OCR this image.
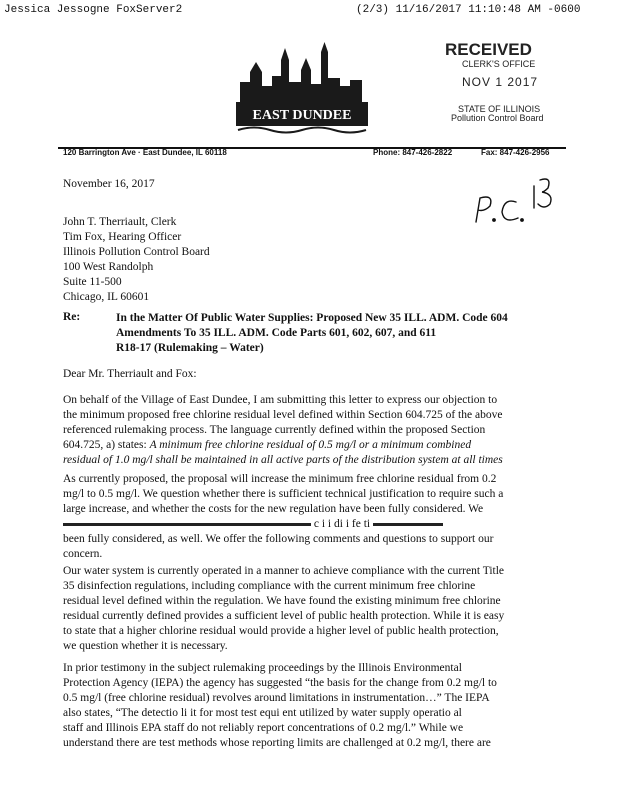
Jessica Jessogne FoxServer2	(2/3) 11/16/2017 11:10:48 AM -0600
RECEIVED
CLERK'S OFFICE
NOV 1 2017
STATE OF ILLINOIS
Pollution Control Board
EAST DUNDEE
120 Barrington Ave · East Dundee, IL 60118	Phone: 847-426-2822	Fax: 847-426-2956
November 16, 2017
John T. Therriault, Clerk
Tim Fox, Hearing Officer
Illinois Pollution Control Board
100 West Randolph
Suite 11-500
Chicago, IL 60601
Re:	In the Matter Of Public Water Supplies: Proposed New 35 ILL. ADM. Code 604
Amendments To 35 ILL. ADM. Code Parts 601, 602, 607, and 611
R18-17 (Rulemaking – Water)
Dear Mr. Therriault and Fox:
On behalf of the Village of East Dundee, I am submitting this letter to express our objection to
the minimum proposed free chlorine residual level defined within Section 604.725 of the above
referenced rulemaking process. The language currently defined within the proposed Section
604.725, a) states: A minimum free chlorine residual of 0.5 mg/l or a minimum combined
residual of 1.0 mg/l shall be maintained in all active parts of the distribution system at all times
As currently proposed, the proposal will increase the minimum free chlorine residual from 0.2
mg/l to 0.5 mg/l. We question whether there is sufficient technical justification to require such a
large increase, and whether the costs for the new regulation have been fully considered. We
c i i di i fe ti
been fully considered, as well. We offer the following comments and questions to support our
concern.
Our water system is currently operated in a manner to achieve compliance with the current Title
35 disinfection regulations, including compliance with the current minimum free chlorine
residual level defined within the regulation. We have found the existing minimum free chlorine
residual currently defined provides a sufficient level of public health protection. While it is easy
to state that a higher chlorine residual would provide a higher level of public health protection,
we question whether it is necessary.
In prior testimony in the subject rulemaking proceedings by the Illinois Environmental
Protection Agency (IEPA) the agency has suggested “the basis for the change from 0.2 mg/l to
0.5 mg/l (free chlorine residual) revolves around limitations in instrumentation…” The IEPA
also states, “The detectio li it for most test equi ent utilized by water supply operatio al
staff and Illinois EPA staff do not reliably report concentrations of 0.2 mg/l.” While we
understand there are test methods whose reporting limits are challenged at 0.2 mg/l, there are
